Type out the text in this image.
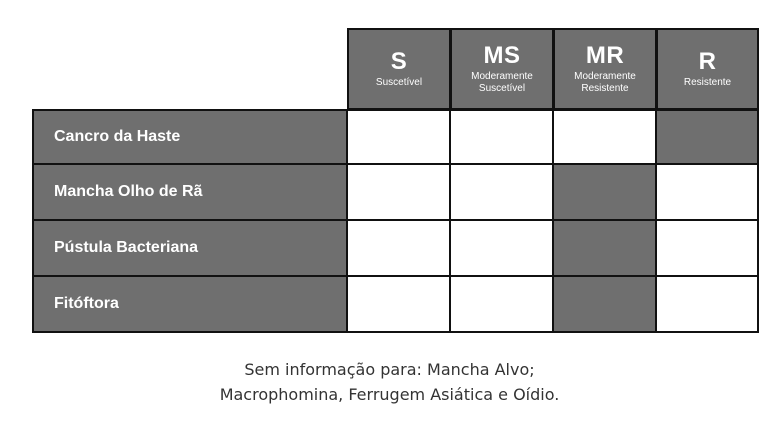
S
Suscetível
MS
Moderamente
Suscetível
MR
Moderamente
Resistente
R
Resistente
Cancro da Haste
Mancha Olho de Rã
Pústula Bacteriana
Fitóftora
Sem informação para: Mancha Alvo;
Macrophomina, Ferrugem Asiática e Oídio.
